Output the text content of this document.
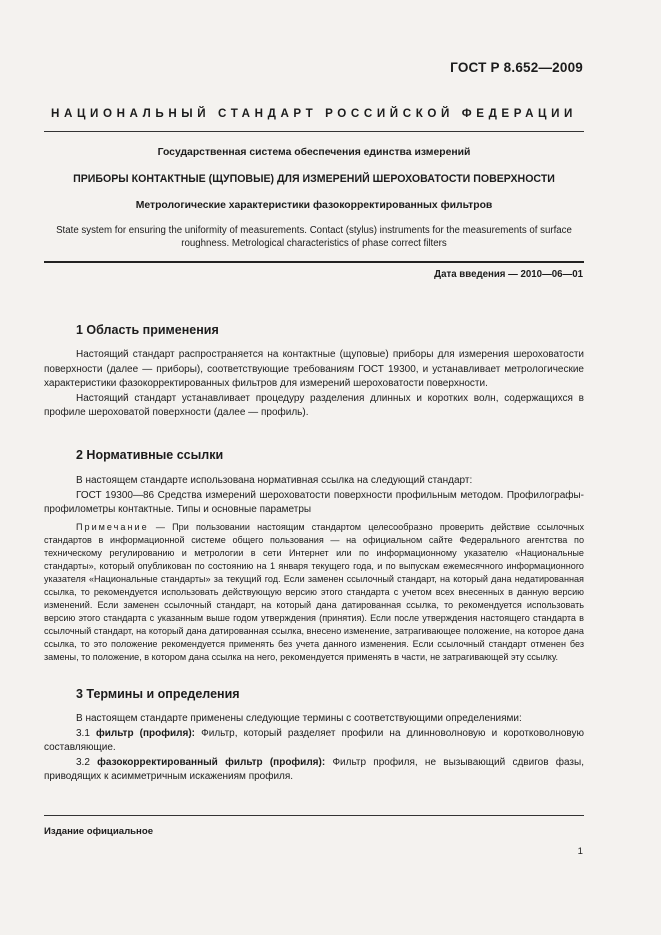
ГОСТ Р 8.652—2009
НАЦИОНАЛЬНЫЙ СТАНДАРТ РОССИЙСКОЙ ФЕДЕРАЦИИ
Государственная система обеспечения единства измерений
ПРИБОРЫ КОНТАКТНЫЕ (ЩУПОВЫЕ) ДЛЯ ИЗМЕРЕНИЙ ШЕРОХОВАТОСТИ ПОВЕРХНОСТИ
Метрологические характеристики фазокорректированных фильтров
State system for ensuring the uniformity of measurements. Contact (stylus) instruments for the measurements of surface roughness. Metrological characteristics of phase correct filters
Дата введения — 2010—06—01
1 Область применения

Настоящий стандарт распространяется на контактные (щуповые) приборы для измерения шероховатости поверхности (далее — приборы), соответствующие требованиям ГОСТ 19300, и устанавливает метрологические характеристики фазокорректированных фильтров для измерений шероховатости поверхности.

Настоящий стандарт устанавливает процедуру разделения длинных и коротких волн, содержащихся в профиле шероховатой поверхности (далее — профиль).

2 Нормативные ссылки

В настоящем стандарте использована нормативная ссылка на следующий стандарт:

ГОСТ 19300—86 Средства измерений шероховатости поверхности профильным методом. Профилографы-профилометры контактные. Типы и основные параметры

Примечание — При пользовании настоящим стандартом целесообразно проверить действие ссылочных стандартов в информационной системе общего пользования — на официальном сайте Федерального агентства по техническому регулированию и метрологии в сети Интернет или по информационному указателю «Национальные стандарты», который опубликован по состоянию на 1 января текущего года, и по выпускам ежемесячного информационного указателя «Национальные стандарты» за текущий год. Если заменен ссылочный стандарт, на который дана недатированная ссылка, то рекомендуется использовать действующую версию этого стандарта с учетом всех внесенных в данную версию изменений. Если заменен ссылочный стандарт, на который дана датированная ссылка, то рекомендуется использовать версию этого стандарта с указанным выше годом утверждения (принятия). Если после утверждения настоящего стандарта в ссылочный стандарт, на который дана датированная ссылка, внесено изменение, затрагивающее положение, на которое дана ссылка, то это положение рекомендуется применять без учета данного изменения. Если ссылочный стандарт отменен без замены, то положение, в котором дана ссылка на него, рекомендуется применять в части, не затрагивающей эту ссылку.

3 Термины и определения

В настоящем стандарте применены следующие термины с соответствующими определениями:

3.1 фильтр (профиля): Фильтр, который разделяет профили на длинноволновую и коротковолновую составляющие.

3.2 фазокорректированный фильтр (профиля): Фильтр профиля, не вызывающий сдвигов фазы, приводящих к асимметричным искажениям профиля.

Издание официальное
1
